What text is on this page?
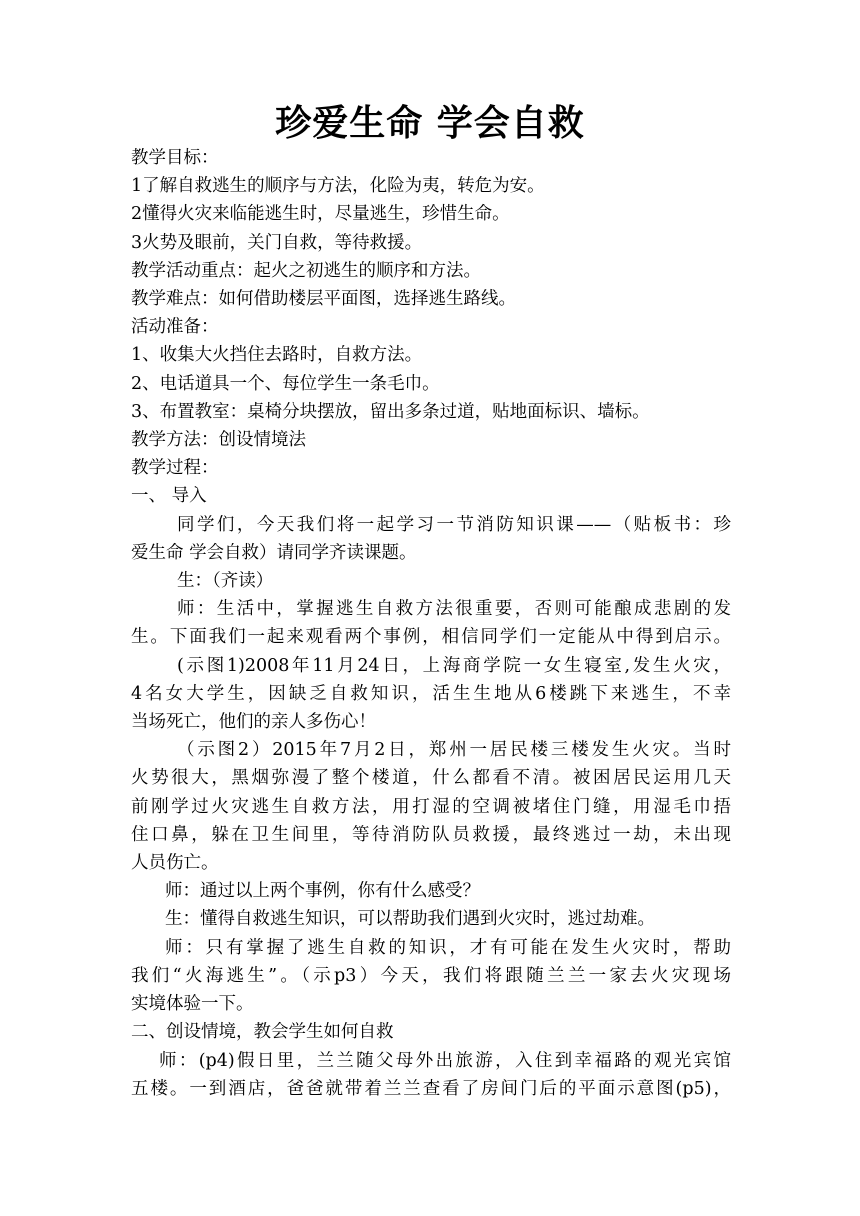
珍爱生命 学会自救

教学目标：

1了解自救逃生的顺序与方法，化险为夷，转危为安。

2懂得火灾来临能逃生时，尽量逃生，珍惜生命。

3火势及眼前，关门自救，等待救援。

教学活动重点：起火之初逃生的顺序和方法。

教学难点：如何借助楼层平面图，选择逃生路线。

活动准备：

1、收集大火挡住去路时，自救方法。

2、电话道具一个、每位学生一条毛巾。

3、布置教室：桌椅分块摆放，留出多条过道，贴地面标识、墙标。

教学方法：创设情境法

教学过程：

一、 导入

同学们，今天我们将一起学习一节消防知识课——（贴板书：珍

爱生命 学会自救）请同学齐读课题。

生：（齐读）

师：生活中，掌握逃生自救方法很重要，否则可能酿成悲剧的发

生。下面我们一起来观看两个事例，相信同学们一定能从中得到启示。

(示图1)2008年11月24日，上海商学院一女生寝室,发生火灾，

4名女大学生，因缺乏自救知识，活生生地从6楼跳下来逃生，不幸

当场死亡，他们的亲人多伤心！

（示图2）2015年7月2日，郑州一居民楼三楼发生火灾。当时

火势很大，黑烟弥漫了整个楼道，什么都看不清。被困居民运用几天

前刚学过火灾逃生自救方法，用打湿的空调被堵住门缝，用湿毛巾捂

住口鼻，躲在卫生间里，等待消防队员救援，最终逃过一劫，未出现

人员伤亡。

师：通过以上两个事例，你有什么感受？

生：懂得自救逃生知识，可以帮助我们遇到火灾时，逃过劫难。

师：只有掌握了逃生自救的知识，才有可能在发生火灾时，帮助

我们“火海逃生”。（示p3）今天，我们将跟随兰兰一家去火灾现场

实境体验一下。

二、创设情境，教会学生如何自救

师：(p4)假日里，兰兰随父母外出旅游，入住到幸福路的观光宾馆

五楼。一到酒店，爸爸就带着兰兰查看了房间门后的平面示意图(p5)，
